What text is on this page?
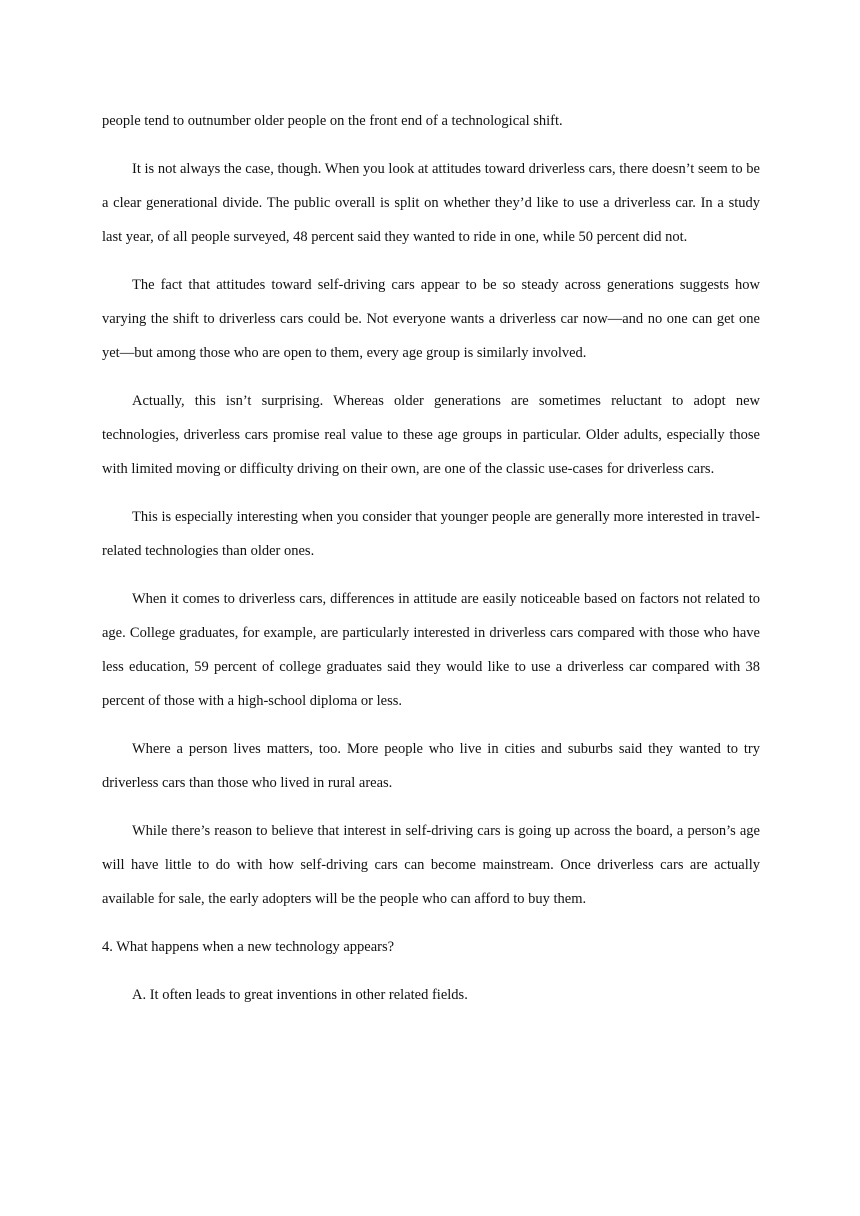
people tend to outnumber older people on the front end of a technological shift.

It is not always the case, though. When you look at attitudes toward driverless cars, there doesn’t seem to be a clear generational divide. The public overall is split on whether they’d like to use a driverless car. In a study last year, of all people surveyed, 48 percent said they wanted to ride in one, while 50 percent did not.

The fact that attitudes toward self-driving cars appear to be so steady across generations suggests how varying the shift to driverless cars could be. Not everyone wants a driverless car now—and no one can get one yet—but among those who are open to them, every age group is similarly involved.

Actually, this isn’t surprising. Whereas older generations are sometimes reluctant to adopt new technologies, driverless cars promise real value to these age groups in particular. Older adults, especially those with limited moving or difficulty driving on their own, are one of the classic use-cases for driverless cars.

This is especially interesting when you consider that younger people are generally more interested in travel-related technologies than older ones.

When it comes to driverless cars, differences in attitude are easily noticeable based on factors not related to age. College graduates, for example, are particularly interested in driverless cars compared with those who have less education, 59 percent of college graduates said they would like to use a driverless car compared with 38 percent of those with a high-school diploma or less.

Where a person lives matters, too. More people who live in cities and suburbs said they wanted to try driverless cars than those who lived in rural areas.

While there’s reason to believe that interest in self-driving cars is going up across the board, a person’s age will have little to do with how self-driving cars can become mainstream. Once driverless cars are actually available for sale, the early adopters will be the people who can afford to buy them.

4. What happens when a new technology appears?

A. It often leads to great inventions in other related fields.
